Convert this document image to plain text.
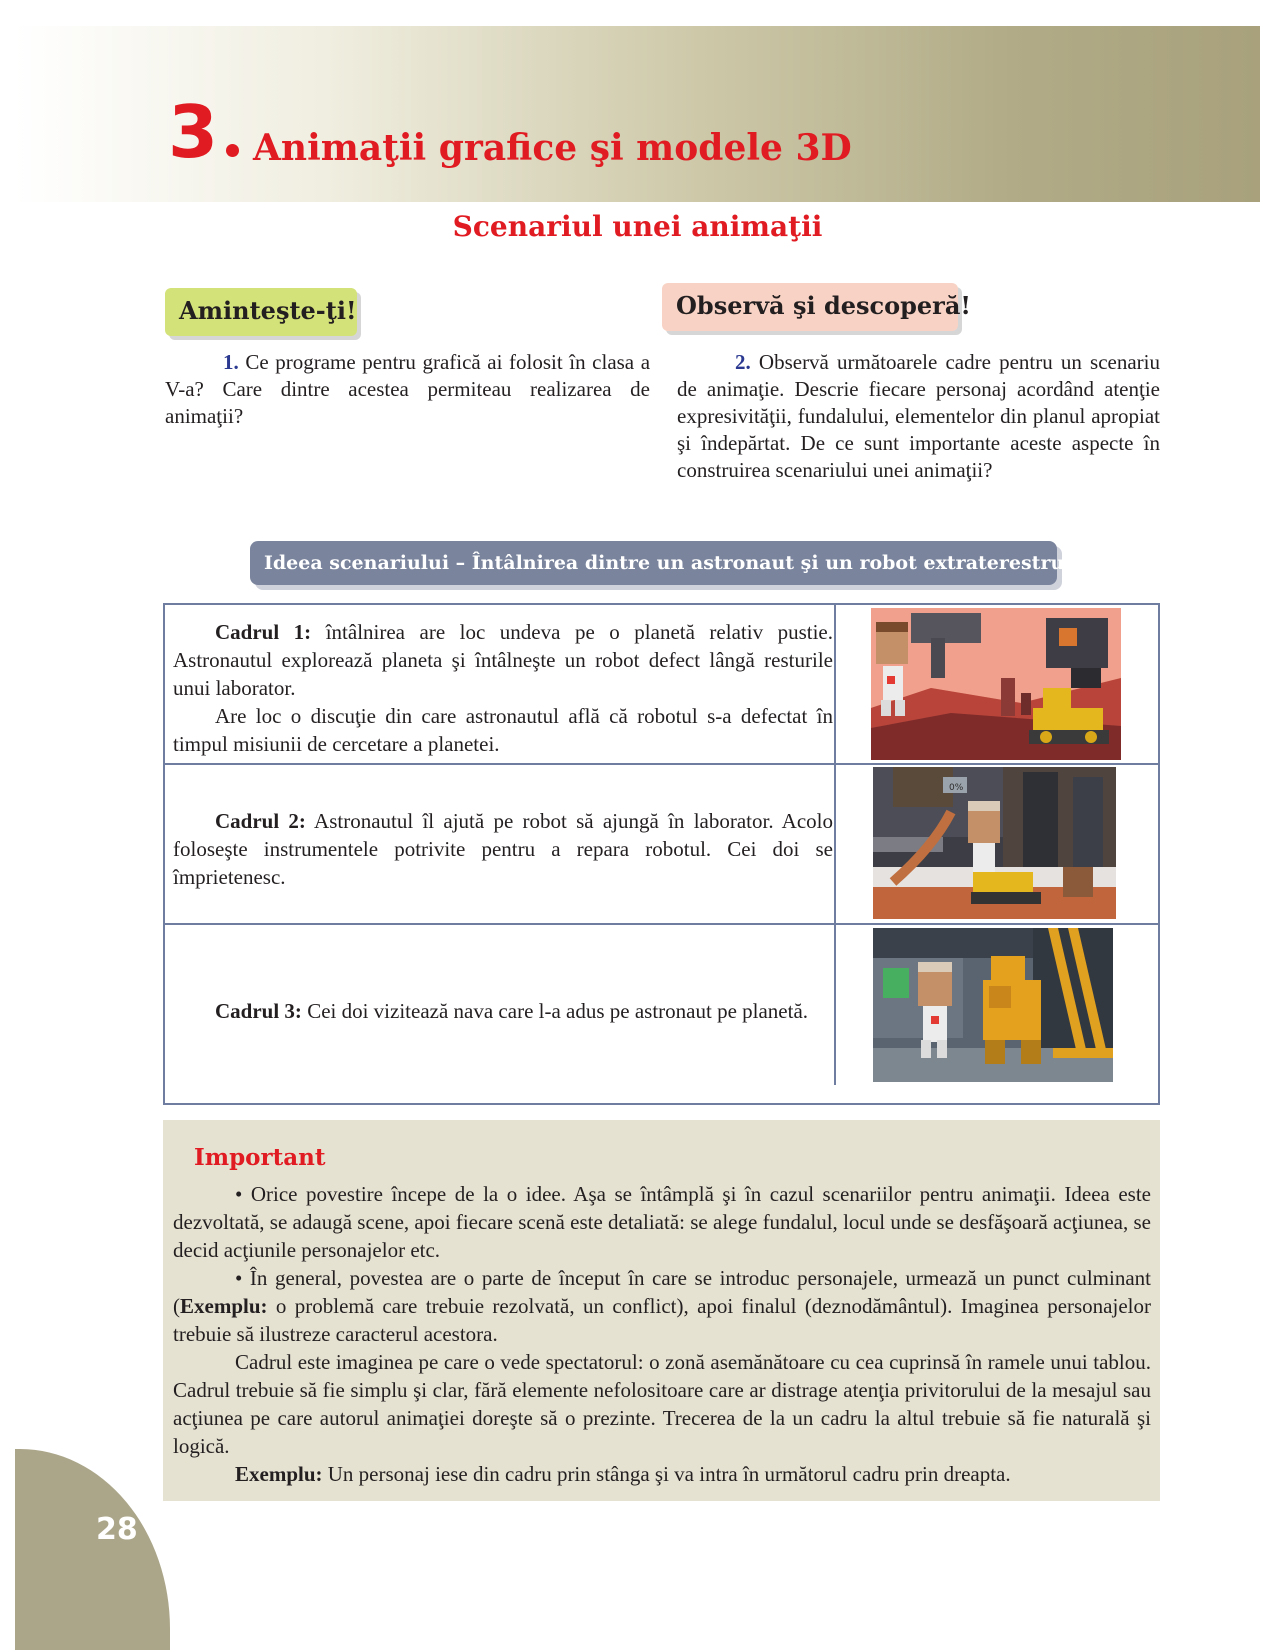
3 Animaţii grafice şi modele 3D
Scenariul unei animaţii
Aminteşte-ţi!	Observă şi descoperă!
1. Ce programe pentru grafică ai folosit în clasa a V-a? Care dintre acestea permiteau realizarea de animaţii?
2. Observă următoarele cadre pentru un scenariu de animaţie. Descrie fiecare personaj acordând atenţie expresivităţii, fundalului, elementelor din planul apropiat şi îndepărtat. De ce sunt importante aceste aspecte în construirea scenariului unei animaţii?
Ideea scenariului – Întâlnirea dintre un astronaut şi un robot extraterestru

Cadrul 1: întâlnirea are loc undeva pe o planetă relativ pustie. Astronautul explorează planeta şi întâlneşte un robot defect lângă resturile unui laborator.

Are loc o discuţie din care astronautul află că robotul s-a defectat în timpul misiunii de cercetare a planetei.

Cadrul 2: Astronautul îl ajută pe robot să ajungă în laborator. Acolo foloseşte instrumentele potrivite pentru a repara robotul. Cei doi se împrietenesc.

0%

Cadrul 3: Cei doi vizitează nava care l-a adus pe astronaut pe planetă.

Important

• Orice povestire începe de la o idee. Aşa se întâmplă şi în cazul scenariilor pentru animaţii. Ideea este dezvoltată, se adaugă scene, apoi fiecare scenă este detaliată: se alege fundalul, locul unde se desfăşoară acţiunea, se decid acţiunile personajelor etc.

• În general, povestea are o parte de început în care se introduc personajele, urmează un punct culminant (Exemplu: o problemă care trebuie rezolvată, un conflict), apoi finalul (deznodământul). Imaginea personajelor trebuie să ilustreze caracterul acestora.

Cadrul este imaginea pe care o vede spectatorul: o zonă asemănătoare cu cea cuprinsă în ramele unui tablou. Cadrul trebuie să fie simplu şi clar, fără elemente nefolositoare care ar distrage atenţia privitorului de la mesajul sau acţiunea pe care autorul animaţiei doreşte să o prezinte. Trecerea de la un cadru la altul trebuie să fie naturală şi logică.

Exemplu: Un personaj iese din cadru prin stânga şi va intra în următorul cadru prin dreapta.

28
